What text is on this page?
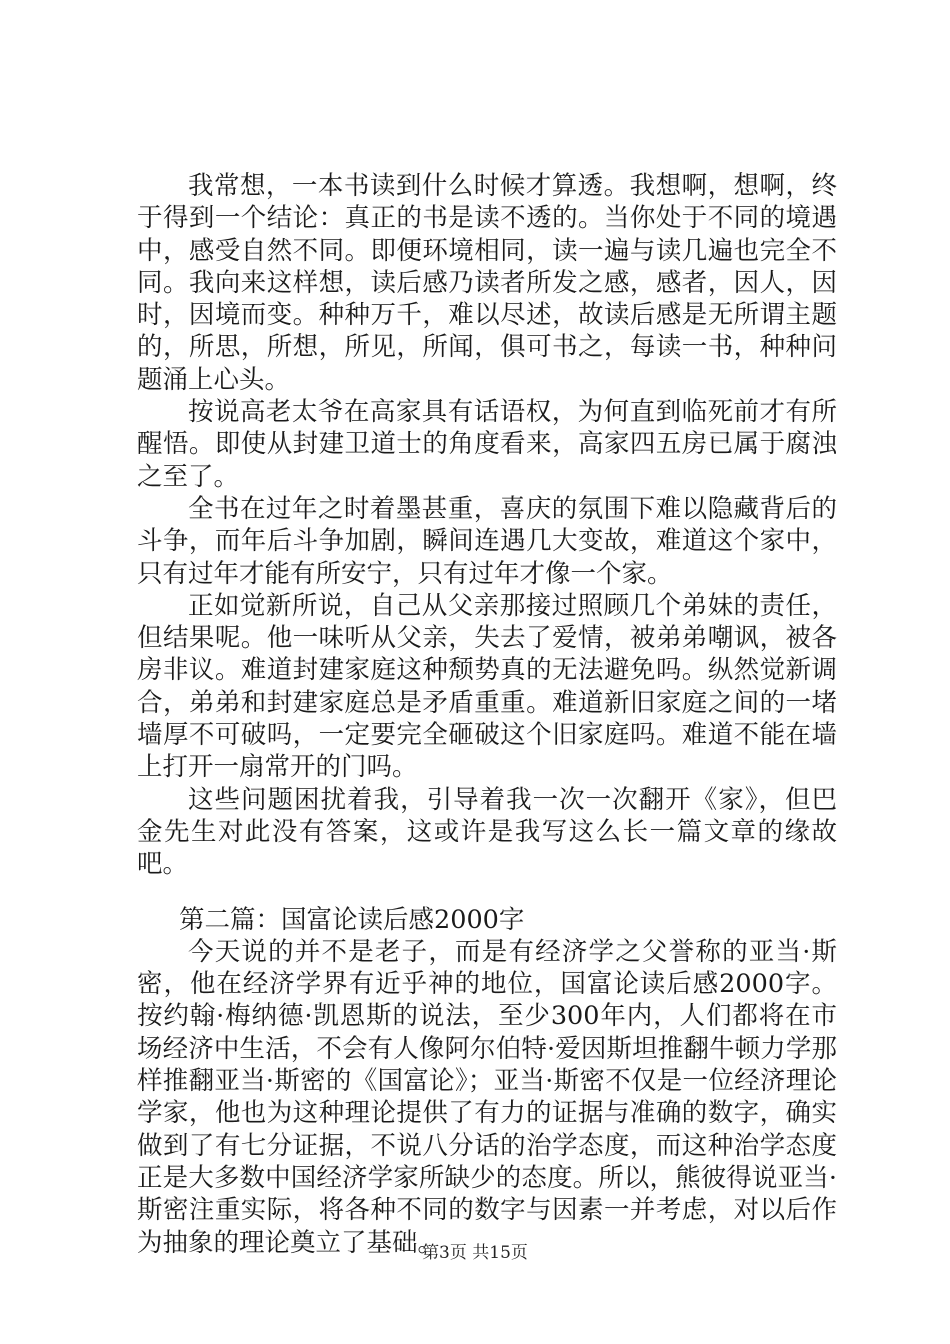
我常想，一本书读到什么时候才算透。我想啊，想啊，终于得到一个结论：真正的书是读不透的。当你处于不同的境遇中，感受自然不同。即便环境相同，读一遍与读几遍也完全不同。我向来这样想，读后感乃读者所发之感，感者，因人，因时，因境而变。种种万千，难以尽述，故读后感是无所谓主题的，所思，所想，所见，所闻，俱可书之，每读一书，种种问题涌上心头。

按说高老太爷在高家具有话语权，为何直到临死前才有所醒悟。即使从封建卫道士的角度看来，高家四五房已属于腐浊之至了。

全书在过年之时着墨甚重，喜庆的氛围下难以隐藏背后的斗争，而年后斗争加剧，瞬间连遇几大变故，难道这个家中，只有过年才能有所安宁，只有过年才像一个家。

正如觉新所说，自己从父亲那接过照顾几个弟妹的责任，但结果呢。他一味听从父亲，失去了爱情，被弟弟嘲讽，被各房非议。难道封建家庭这种颓势真的无法避免吗。纵然觉新调合，弟弟和封建家庭总是矛盾重重。难道新旧家庭之间的一堵墙厚不可破吗，一定要完全砸破这个旧家庭吗。难道不能在墙上打开一扇常开的门吗。

这些问题困扰着我，引导着我一次一次翻开《家》，但巴金先生对此没有答案，这或许是我写这么长一篇文章的缘故吧。

第二篇：国富论读后感2000字

今天说的并不是老子，而是有经济学之父誉称的亚当·斯密，他在经济学界有近乎神的地位，国富论读后感2000字。按约翰·梅纳德·凯恩斯的说法，至少300年内，人们都将在市场经济中生活，不会有人像阿尔伯特·爱因斯坦推翻牛顿力学那样推翻亚当·斯密的《国富论》；亚当·斯密不仅是一位经济理论学家，他也为这种理论提供了有力的证据与准确的数字，确实做到了有七分证据，不说八分话的治学态度，而这种治学态度正是大多数中国经济学家所缺少的态度。所以，熊彼得说亚当·斯密注重实际，将各种不同的数字与因素一并考虑，对以后作为抽象的理论奠立了基础。

第3页 共15页
